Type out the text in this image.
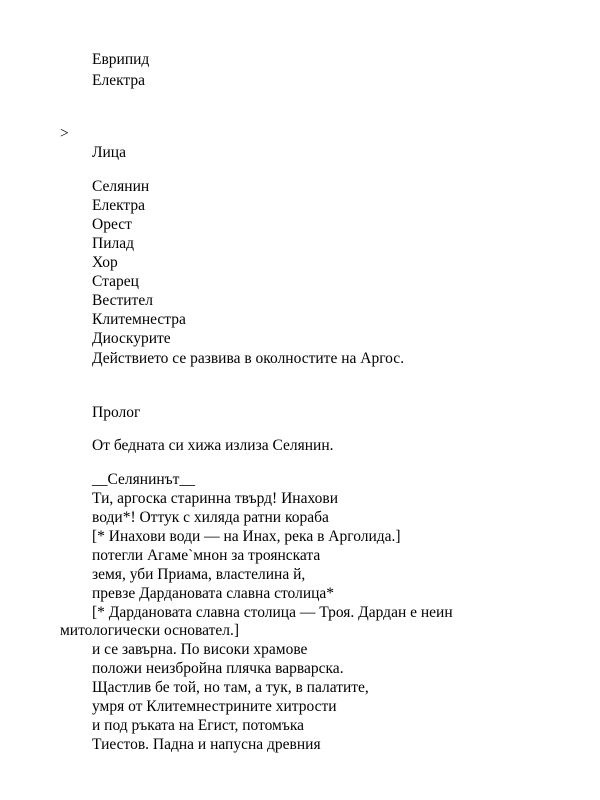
Еврипид
Електра
>
Лица
Селянин
Електра
Орест
Пилад
Хор
Старец
Вестител
Клитемнестра
Диоскурите
Действието се развива в околностите на Аргос.
Пролог
От бедната си хижа излиза Селянин.
__Селянинът__
Ти, аргоска старинна твърд! Инахови
води*! Оттук с хиляда ратни кораба
[* Инахови води — на Инах, река в Арголида.]
потегли Агаме`мнон за троянската
земя, уби Приама, властелина й,
превзе Дардановата славна столица*
[* Дардановата славна столица — Троя. Дардан е неин
митологически основател.]
и се завърна. По високи храмове
положи неизбройна плячка варварска.
Щастлив бе той, но там, а тук, в палатите,
умря от Клитемнестрините хитрости
и под ръката на Егист, потомъка
Тиестов. Падна и напусна древния
